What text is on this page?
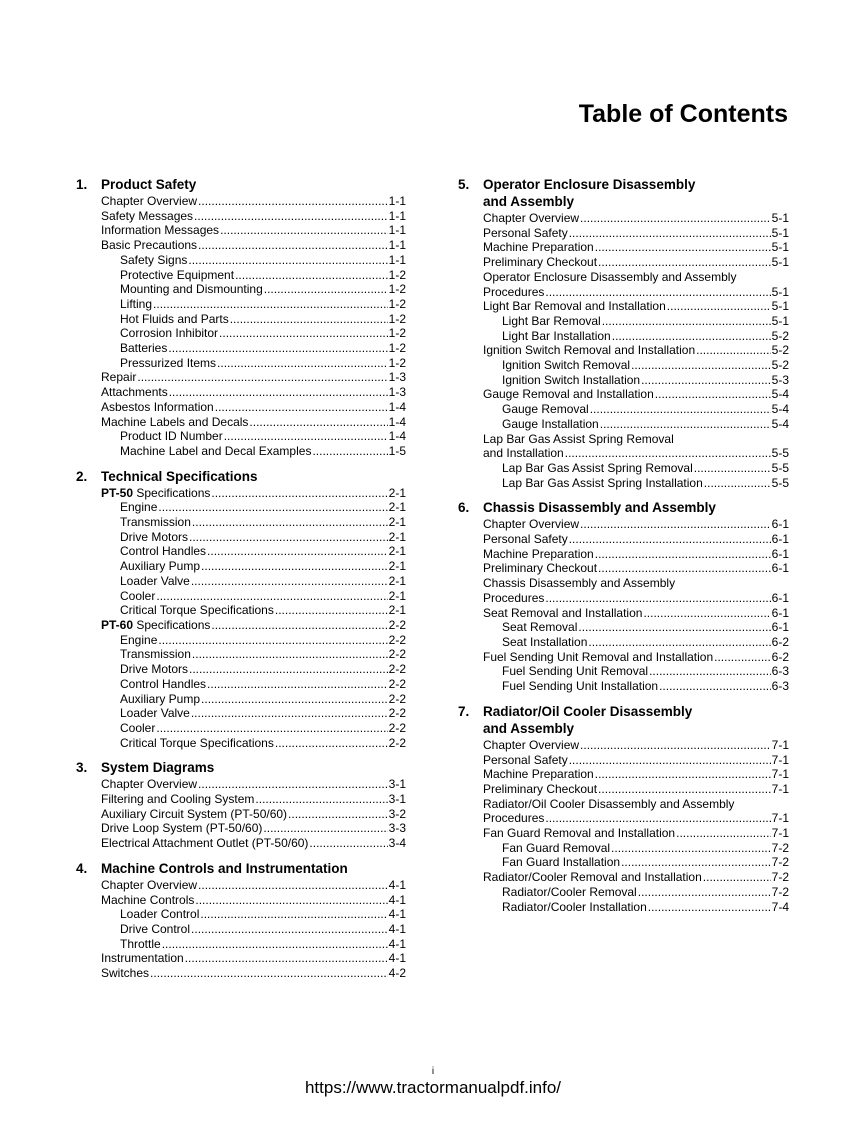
Table of Contents
1.	Product Safety
Chapter Overview .....	1-1
Safety Messages .....	1-1
Information Messages .....	1-1
Basic Precautions .....	1-1
Safety Signs .....	1-1
Protective Equipment .....	1-2
Mounting and Dismounting .....	1-2
Lifting .....	1-2
Hot Fluids and Parts .....	1-2
Corrosion Inhibitor .....	1-2
Batteries .....	1-2
Pressurized Items .....	1-2
Repair .....	1-3
Attachments .....	1-3
Asbestos Information .....	1-4
Machine Labels and Decals .....	1-4
Product ID Number .....	1-4
Machine Label and Decal Examples .....	1-5
2.	Technical Specifications
PT-50 Specifications .....	2-1
Engine .....	2-1
Transmission .....	2-1
Drive Motors .....	2-1
Control Handles .....	2-1
Auxiliary Pump .....	2-1
Loader Valve .....	2-1
Cooler .....	2-1
Critical Torque Specifications .....	2-1
PT-60 Specifications .....	2-2
Engine .....	2-2
Transmission .....	2-2
Drive Motors .....	2-2
Control Handles .....	2-2
Auxiliary Pump .....	2-2
Loader Valve .....	2-2
Cooler .....	2-2
Critical Torque Specifications .....	2-2
3.	System Diagrams
Chapter Overview .....	3-1
Filtering and Cooling System .....	3-1
Auxiliary Circuit System (PT-50/60) .....	3-2
Drive Loop System (PT-50/60) .....	3-3
Electrical Attachment Outlet (PT-50/60) .....	3-4
4.	Machine Controls and Instrumentation
Chapter Overview .....	4-1
Machine Controls .....	4-1
Loader Control .....	4-1
Drive Control .....	4-1
Throttle .....	4-1
Instrumentation .....	4-1
Switches .....	4-2
5.	Operator Enclosure Disassembly
and Assembly
Chapter Overview .....	5-1
Personal Safety .....	5-1
Machine Preparation .....	5-1
Preliminary Checkout .....	5-1
Operator Enclosure Disassembly and Assembly
Procedures .....	5-1
Light Bar Removal and Installation .....	5-1
Light Bar Removal .....	5-1
Light Bar Installation .....	5-2
Ignition Switch Removal and Installation .....	5-2
Ignition Switch Removal .....	5-2
Ignition Switch Installation .....	5-3
Gauge Removal and Installation .....	5-4
Gauge Removal .....	5-4
Gauge Installation .....	5-4
Lap Bar Gas Assist Spring Removal
and Installation .....	5-5
Lap Bar Gas Assist Spring Removal .....	5-5
Lap Bar Gas Assist Spring Installation .....	5-5
6.	Chassis Disassembly and Assembly
Chapter Overview .....	6-1
Personal Safety .....	6-1
Machine Preparation .....	6-1
Preliminary Checkout .....	6-1
Chassis Disassembly and Assembly
Procedures .....	6-1
Seat Removal and Installation .....	6-1
Seat Removal .....	6-1
Seat Installation .....	6-2
Fuel Sending Unit Removal and Installation .....	6-2
Fuel Sending Unit Removal .....	6-3
Fuel Sending Unit Installation .....	6-3
7.	Radiator/Oil Cooler Disassembly
and Assembly
Chapter Overview .....	7-1
Personal Safety .....	7-1
Machine Preparation .....	7-1
Preliminary Checkout .....	7-1
Radiator/Oil Cooler Disassembly and Assembly
Procedures .....	7-1
Fan Guard Removal and Installation .....	7-1
Fan Guard Removal .....	7-2
Fan Guard Installation .....	7-2
Radiator/Cooler Removal and Installation .....	7-2
Radiator/Cooler Removal .....	7-2
Radiator/Cooler Installation .....	7-4
i
https://www.tractormanualpdf.info/
